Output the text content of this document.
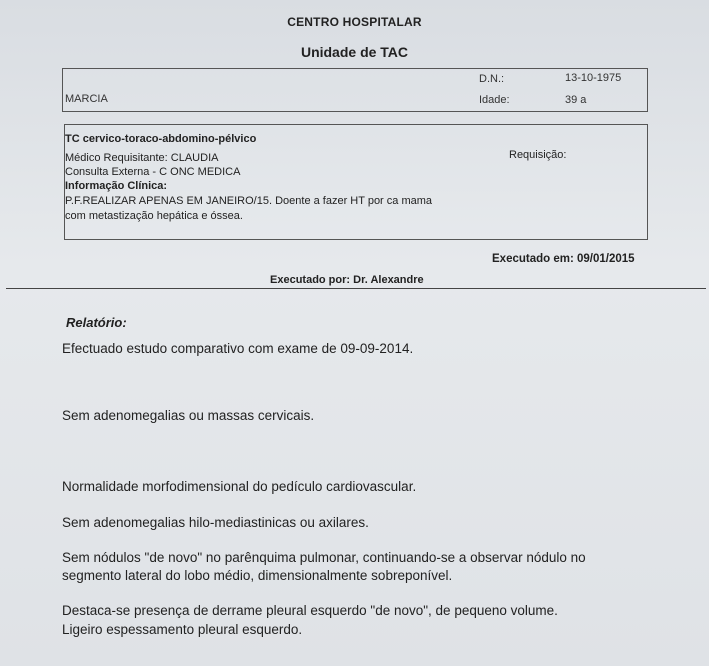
CENTRO HOSPITALAR
Unidade de TAC
D.N.:	13-10-1975
MARCIA	Idade:	39 a
TC cervico-toraco-abdomino-pélvico
Médico Requisitante: CLAUDIA	Requisição:
Consulta Externa - C ONC MEDICA
Informação Clínica:
P.F.REALIZAR APENAS EM JANEIRO/15. Doente a fazer HT por ca mama
com metastização hepática e óssea.
Executado em: 09/01/2015
Executado por: Dr. Alexandre
Relatório:
Efectuado estudo comparativo com exame de 09-09-2014.
Sem adenomegalias ou massas cervicais.
Normalidade morfodimensional do pedículo cardiovascular.
Sem adenomegalias hilo-mediastinicas ou axilares.
Sem nódulos "de novo" no parênquima pulmonar, continuando-se a observar nódulo no
segmento lateral do lobo médio, dimensionalmente sobreponível.
Destaca-se presença de derrame pleural esquerdo "de novo", de pequeno volume.
Ligeiro espessamento pleural esquerdo.
